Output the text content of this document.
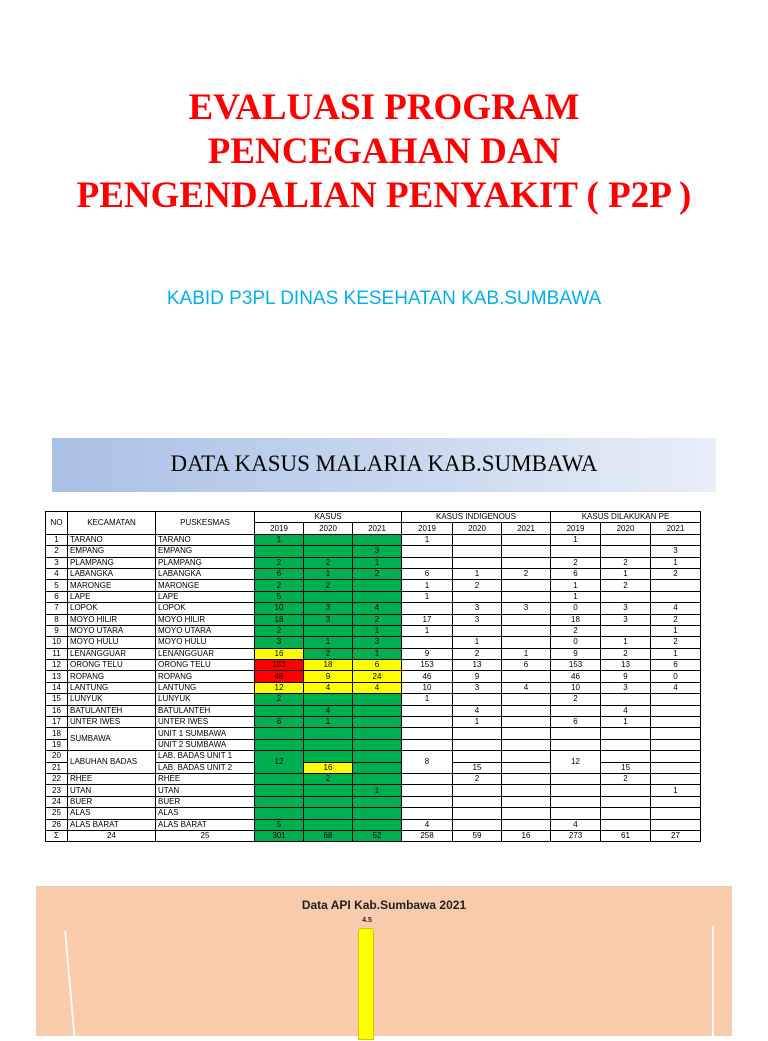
EVALUASI PROGRAM
PENCEGAHAN DAN
PENGENDALIAN PENYAKIT ( P2P )
KABID P3PL DINAS KESEHATAN KAB.SUMBAWA
DATA KASUS MALARIA KAB.SUMBAWA
NO	KECAMATAN	PUSKESMAS	KASUS			KASUS INDIGENOUS			KASUS DILAKUKAN PE		
			2019	2020	2021	2019	2020	2021	2019	2020	2021
1	TARANO	TARANO	1			1			1		
2	EMPANG	EMPANG			3						3
3	PLAMPANG	PLAMPANG	2	2	1				2	2	1
4	LABANGKA	LABANGKA	6	1	2	6	1	2	6	1	2
5	MARONGE	MARONGE	2	2		1	2		1	2	
6	LAPE	LAPE	5			1			1		
7	LOPOK	LOPOK	10	3	4		3	3	0	3	4
8	MOYO HILIR	MOYO HILIR	18	3	2	17	3		18	3	2
9	MOYO UTARA	MOYO UTARA	2		1	1			2		1
10	MOYO HULU	MOYO HULU	3	1	3		1		0	1	2
11	LENANGGUAR	LENANGGUAR	16	2	1	9	2	1	9	2	1
12	ORONG TELU	ORONG TELU	153	18	6	153	13	6	153	13	6
13	ROPANG	ROPANG	46	9	24	46	9		46	9	0
14	LANTUNG	LANTUNG	12	4	4	10	3	4	10	3	4
15	LUNYUK	LUNYUK	2			1			2		
16	BATULANTEH	BATULANTEH		4			4			4	
17	UNTER IWES	UNTER IWES	6	1			1		6	1	
18	SUMBAWA	UNIT 1 SUMBAWA									
19		UNIT 2 SUMBAWA									
20	LABUHAN BADAS	LAB. BADAS UNIT 1	12			8			12		
21		LAB. BADAS UNIT 2		16			15			15	
22	RHEE	RHEE		2			2			2	
23	UTAN	UTAN			1						1
24	BUER	BUER									
25	ALAS	ALAS									
26	ALAS BARAT	ALAS BARAT	5			4			4		
Σ	24	25	301	68	52	258	59	16	273	61	27
Data API Kab.Sumbawa 2021
4.5
